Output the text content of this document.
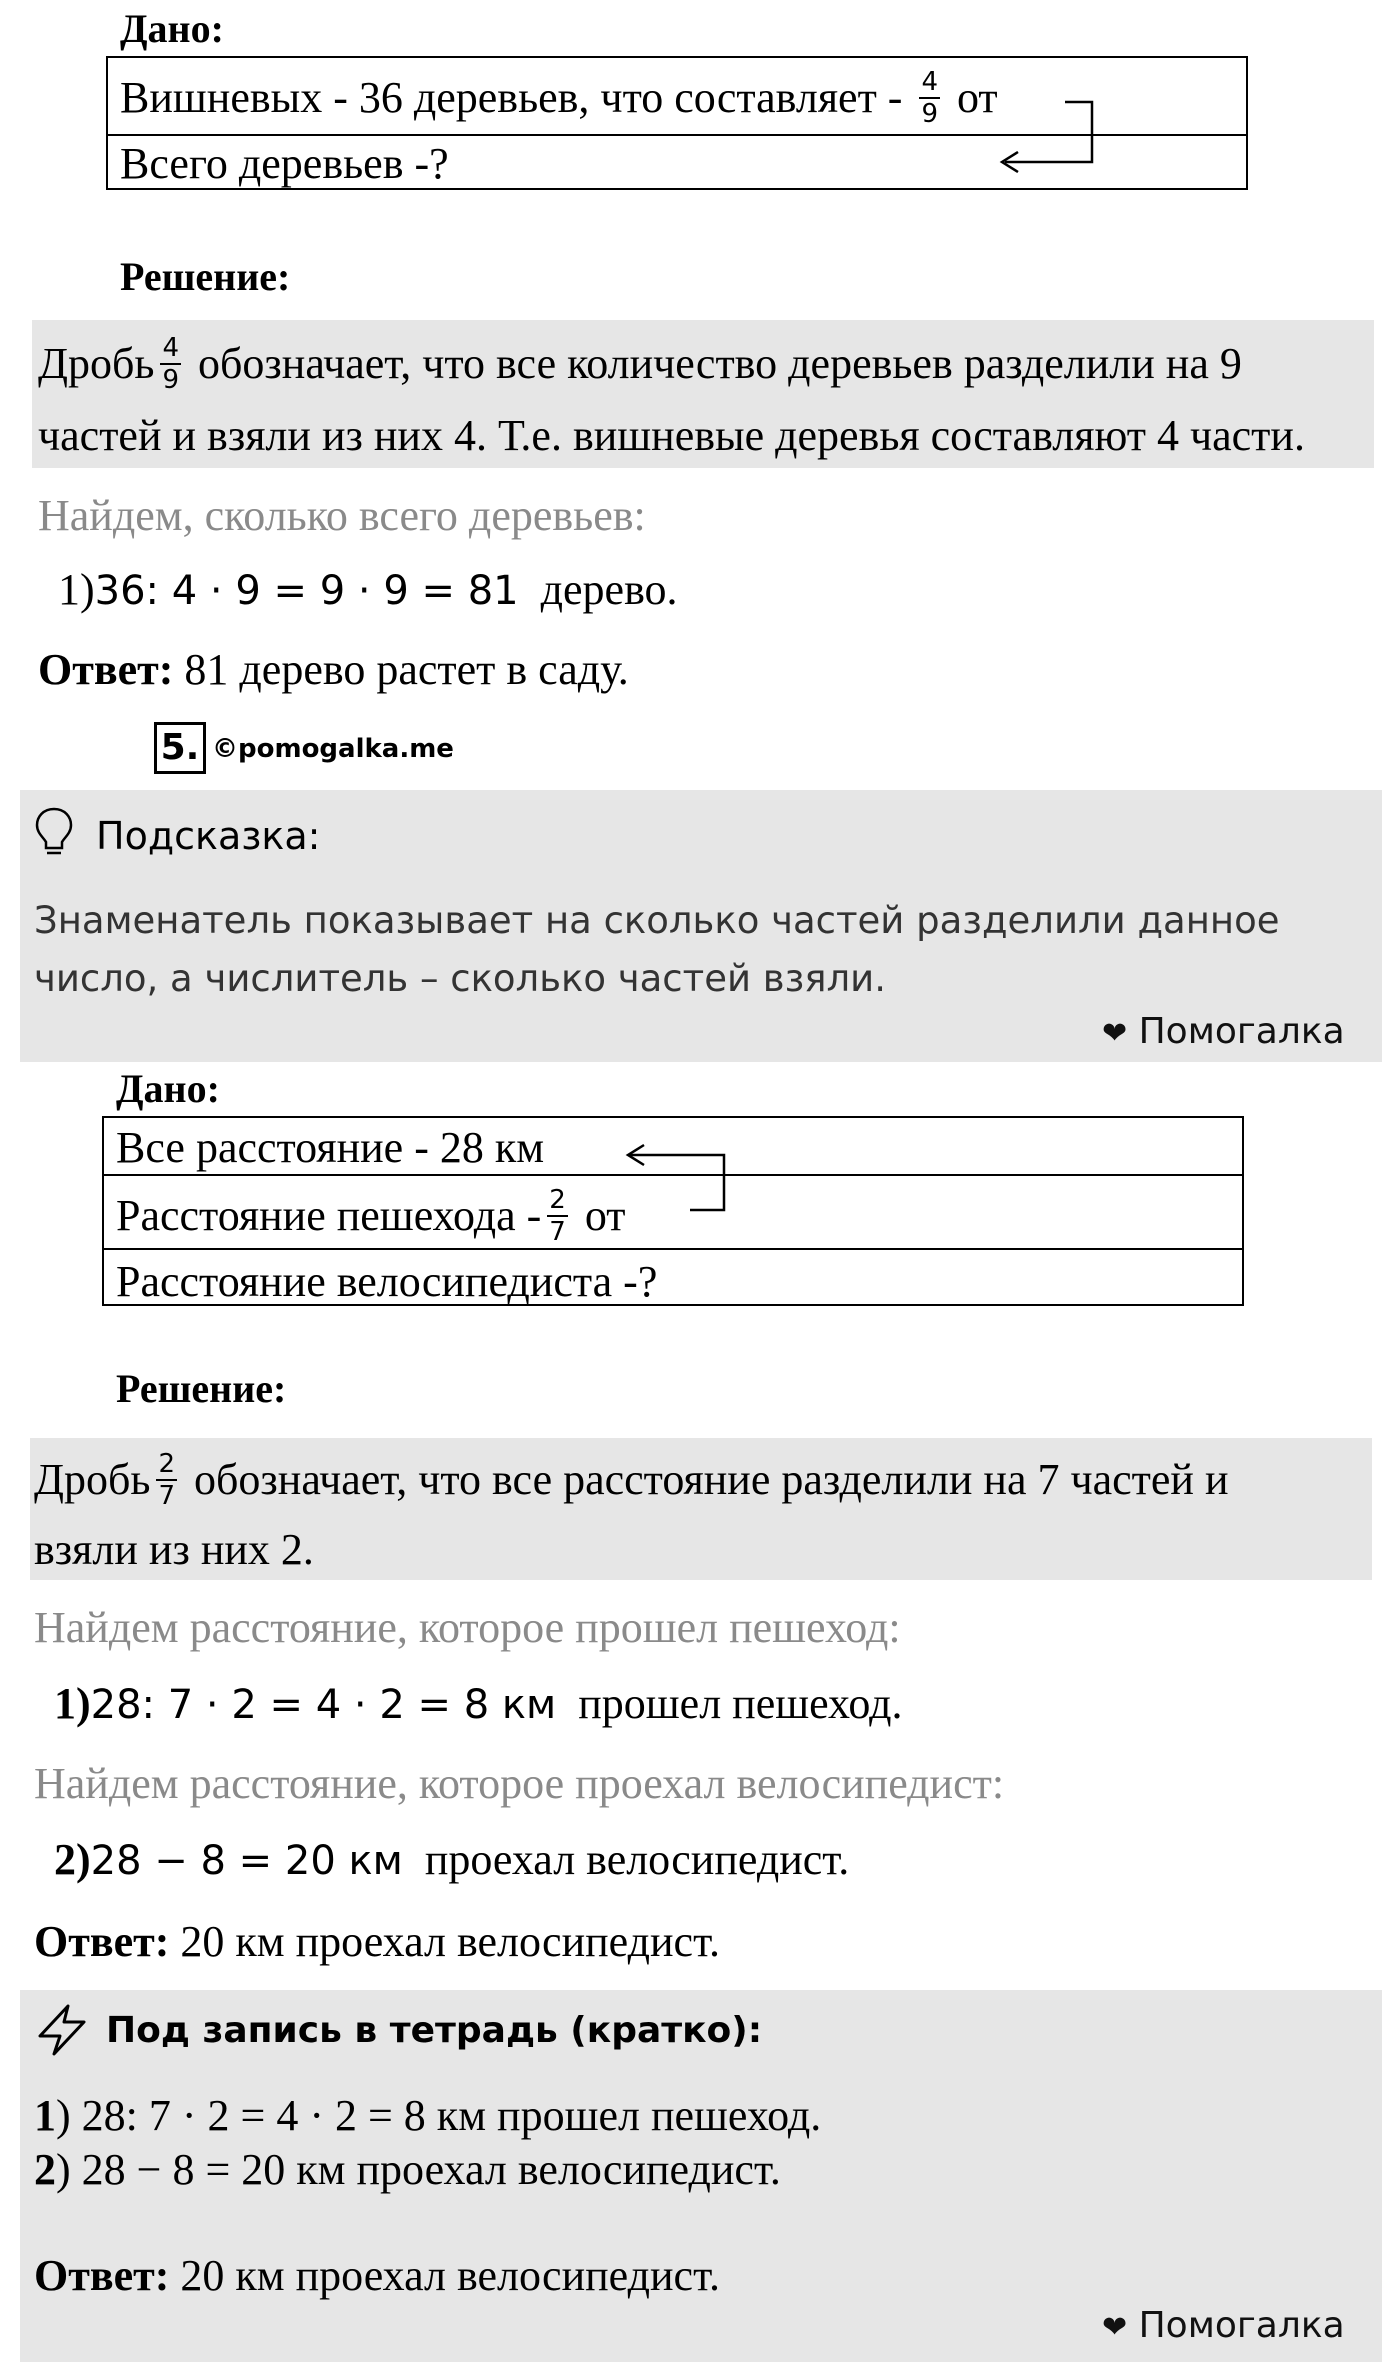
Дано:
Вишневых - 36 деревьев, что составляет - $\frac{4}{9}$ от
Всего деревьев -?
Решение:
Дробь $\frac{4}{9}$ обозначает, что все количество деревьев разделили на 9
частей и взяли из них 4. Т.е. вишневые деревья составляют 4 части.
Найдем, сколько всего деревьев:
1)36: 4 · 9 = 9 · 9 = 81 дерево.
Ответ: 81 дерево растет в саду.
5. ©pomogalka.me
Подсказка:
Знаменатель показывает на сколько частей разделили данное
число, а числитель – сколько частей взяли.
❤ Помогалка
Дано:
Все расстояние - 28 км
Расстояние пешехода - $\frac{2}{7}$ от
Расстояние велосипедиста -?
Решение:
Дробь $\frac{2}{7}$ обозначает, что все расстояние разделили на 7 частей и
взяли из них 2.
Найдем расстояние, которое прошел пешеход:
1)28: 7 · 2 = 4 · 2 = 8 км прошел пешеход.
Найдем расстояние, которое проехал велосипедист:
2)28 − 8 = 20 км проехал велосипедист.
Ответ: 20 км проехал велосипедист.
Под запись в тетрадь (кратко):
1) 28: 7 · 2 = 4 · 2 = 8 км прошел пешеход.
2) 28 − 8 = 20 км проехал велосипедист.
Ответ: 20 км проехал велосипедист.
❤ Помогалка
